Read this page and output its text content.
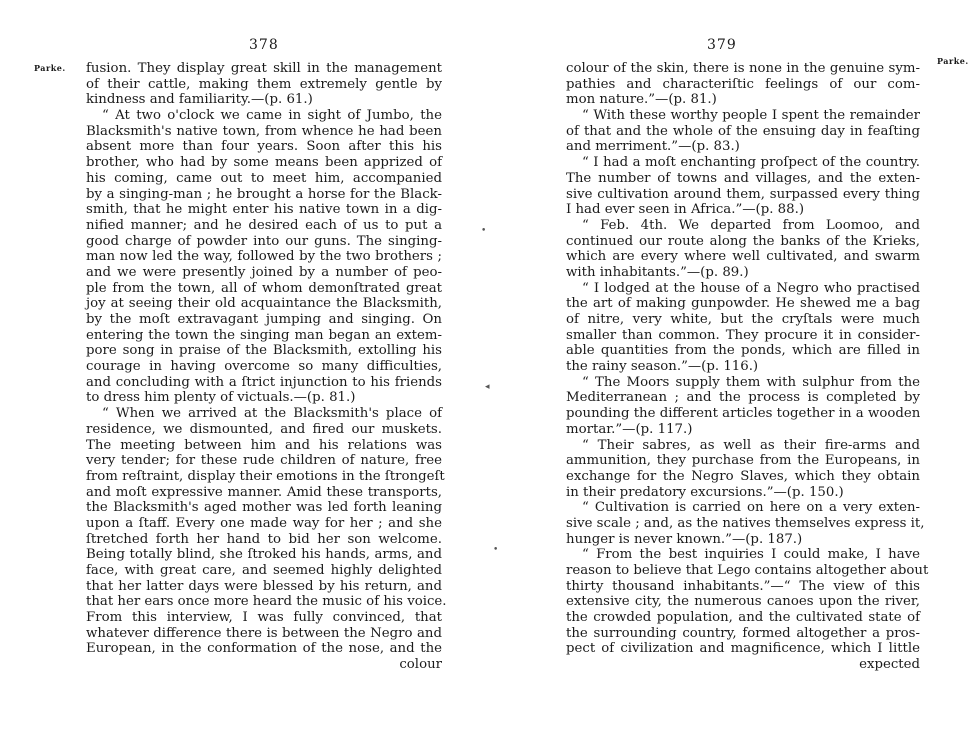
378
Parke. fusion. They display great skill in the management
of their cattle, making them extremely gentle by
kindness and familiarity.—(p. 61.)
“ At two o'clock we came in sight of Jumbo, the
Blacksmith's native town, from whence he had been
absent more than four years. Soon after this his
brother, who had by some means been apprized of
his coming, came out to meet him, accompanied
by a singing-man ; he brought a horse for the Black-
smith, that he might enter his native town in a dig-
nified manner; and he desired each of us to put a
good charge of powder into our guns. The singing-
man now led the way, followed by the two brothers ;
and we were presently joined by a number of peo-
ple from the town, all of whom demonſtrated great
joy at seeing their old acquaintance the Blacksmith,
by the moſt extravagant jumping and singing. On
entering the town the singing man began an extem-
pore song in praise of the Blacksmith, extolling his
courage in having overcome so many difficulties,
and concluding with a ſtrict injunction to his friends
to dress him plenty of victuals.—(p. 81.)
“ When we arrived at the Blacksmith's place of
residence, we dismounted, and fired our muskets.
The meeting between him and his relations was
very tender; for these rude children of nature, free
from reſtraint, display their emotions in the ſtrongeſt
and moſt expressive manner. Amid these transports,
the Blacksmith's aged mother was led forth leaning
upon a ſtaff. Every one made way for her ; and she
ſtretched forth her hand to bid her son welcome.
Being totally blind, she ſtroked his hands, arms, and
face, with great care, and seemed highly delighted
that her latter days were blessed by his return, and
that her ears once more heard the music of his voice.
From this interview, I was fully convinced, that
whatever difference there is between the Negro and
European, in the conformation of the nose, and the
colour
379
Parke.
colour of the skin, there is none in the genuine sym-
pathies and characteriſtic feelings of our com-
mon nature.”—(p. 81.)
“ With these worthy people I spent the remainder
of that and the whole of the ensuing day in feaſting
and merriment.”—(p. 83.)
“ I had a moſt enchanting proſpect of the country.
The number of towns and villages, and the exten-
sive cultivation around them, surpassed every thing
I had ever seen in Africa.”—(p. 88.)
“ Feb. 4th. We departed from Loomoo, and
continued our route along the banks of the Krieks,
which are every where well cultivated, and swarm
with inhabitants.”—(p. 89.)
“ I lodged at the house of a Negro who practised
the art of making gunpowder. He shewed me a bag
of nitre, very white, but the cryſtals were much
smaller than common. They procure it in consider-
able quantities from the ponds, which are filled in
the rainy season.”—(p. 116.)
“ The Moors supply them with sulphur from the
Mediterranean ; and the process is completed by
pounding the different articles together in a wooden
mortar.”—(p. 117.)
“ Their sabres, as well as their fire-arms and
ammunition, they purchase from the Europeans, in
exchange for the Negro Slaves, which they obtain
in their predatory excursions.”—(p. 150.)
“ Cultivation is carried on here on a very exten-
sive scale ; and, as the natives themselves express it,
hunger is never known.”—(p. 187.)
“ From the best inquiries I could make, I have
reason to believe that Lego contains altogether about
thirty thousand inhabitants.”—“ The view of this
extensive city, the numerous canoes upon the river,
the crowded population, and the cultivated state of
the surrounding country, formed altogether a pros-
pect of civilization and magnificence, which I little
expected
•
◂
•
